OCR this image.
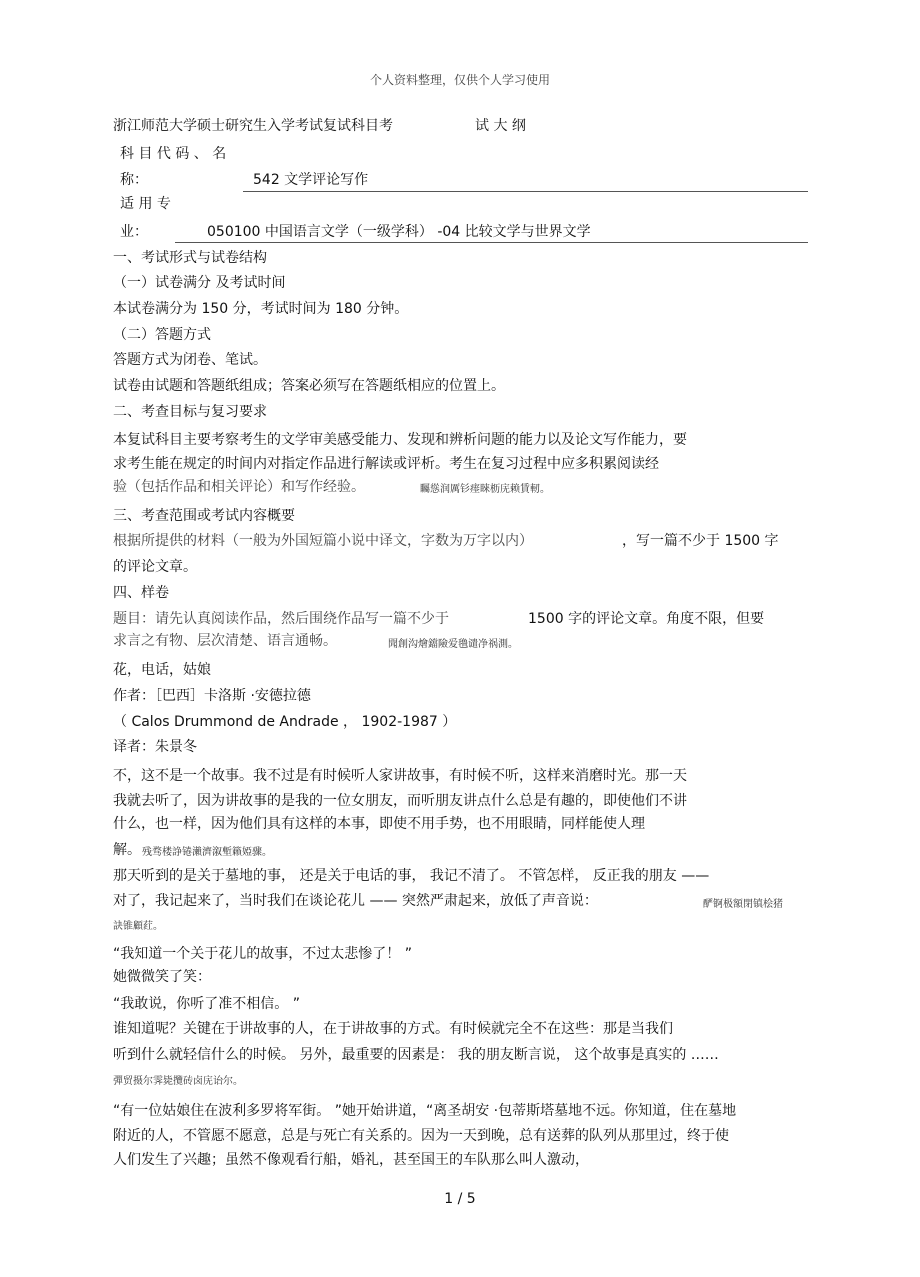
个人资料整理，仅供个人学习使用
浙江师范大学硕士研究生入学考试复试科目考	试 大 纲
科 目 代 码 、 名
称：	542 文学评论写作
适 用 专
业：	050100 中国语言文学（一级学科） -04 比较文学与世界文学
一、考试形式与试卷结构
（一）试卷满分 及考试时间
本试卷满分为 150 分，考试时间为 180 分钟。
（二）答题方式
答题方式为闭卷、笔试。
试卷由试题和答题纸组成；答案必须写在答题纸相应的位置上。
二、考查目标与复习要求
本复试科目主要考察考生的文学审美感受能力、发现和辨析问题的能力以及论文写作能力，要
求考生能在规定的时间内对指定作品进行解读或评析。考生在复习过程中应多积累阅读经
验（包括作品和相关评论）和写作经验。	矚慫润厲钐瘗睞枥庑赖賃軔。
三、考查范围或考试内容概要
根据所提供的材料（一般为外国短篇小说中译文，字数为万字以内）	，写一篇不少于 1500 字
的评论文章。
四、样卷
题目：请先认真阅读作品，然后围绕作品写一篇不少于	1500 字的评论文章。角度不限，但要
求言之有物、层次清楚、语言通畅。	聞創沟燴鐺險爱氇谴净祸測。
花，电话，姑娘
作者：［巴西］卡洛斯 ·安德拉德
（ Calos Drummond de Andrade ， 1902-1987 ）
译者：朱景冬
不，这不是一个故事。我不过是有时候听人家讲故事，有时候不听，这样来消磨时光。那一天
我就去听了，因为讲故事的是我的一位女朋友，而听朋友讲点什么总是有趣的，即使他们不讲
什么，也一样，因为他们具有这样的本事，即使不用手势，也不用眼睛，同样能使人理
解。 残骛楼諍锩瀨濟溆塹籟婭骤。
那天听到的是关于墓地的事， 还是关于电话的事， 我记不清了。 不管怎样， 反正我的朋友 ——
对了，我记起来了，当时我们在谈论花儿 —— 突然严肃起来，放低了声音说：	酽锕极額閉镇桧猪
訣锥顧荭。
“我知道一个关于花儿的故事，不过太悲惨了！ ”
她微微笑了笑：
“我敢说，你听了准不相信。 ”
谁知道呢？关键在于讲故事的人，在于讲故事的方式。有时候就完全不在这些：那是当我们
听到什么就轻信什么的时候。 另外，最重要的因素是： 我的朋友断言说， 这个故事是真实的 ……
彈贸摄尔霁毙攬砖卤庑诒尔。
“有一位姑娘住在波利多罗将军街。 ”她开始讲道，“离圣胡安 ·包蒂斯塔墓地不远。你知道，住在墓地
附近的人，不管愿不愿意，总是与死亡有关系的。因为一天到晚，总有送葬的队列从那里过，终于使
人们发生了兴趣；虽然不像观看行船，婚礼，甚至国王的车队那么叫人激动，
1 / 5
